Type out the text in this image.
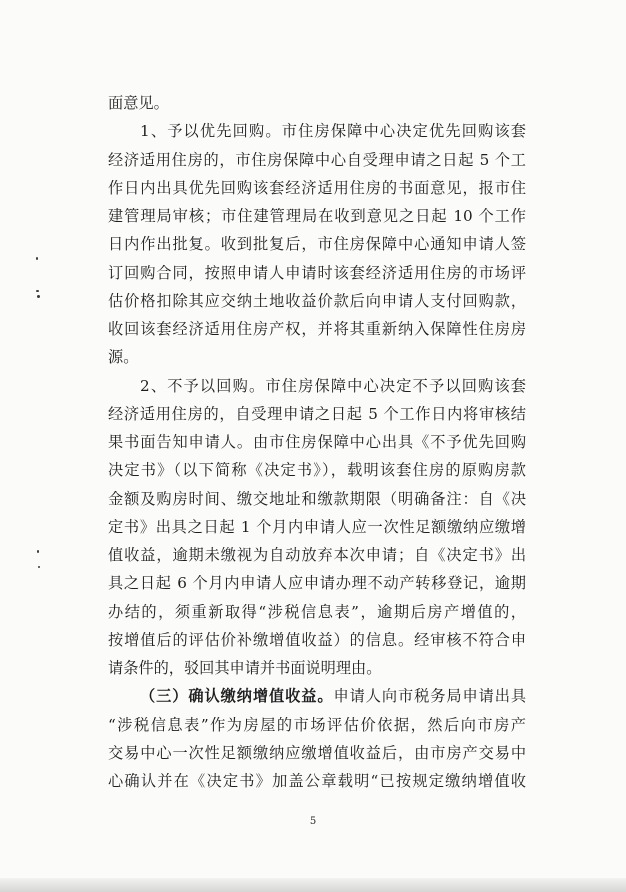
面意见。
1、予以优先回购。市住房保障中心决定优先回购该套
经济适用住房的，市住房保障中心自受理申请之日起 5 个工
作日内出具优先回购该套经济适用住房的书面意见，报市住
建管理局审核；市住建管理局在收到意见之日起 10 个工作
日内作出批复。收到批复后，市住房保障中心通知申请人签
订回购合同，按照申请人申请时该套经济适用住房的市场评
估价格扣除其应交纳土地收益价款后向申请人支付回购款，
收回该套经济适用住房产权，并将其重新纳入保障性住房房
源。
2、不予以回购。市住房保障中心决定不予以回购该套
经济适用住房的，自受理申请之日起 5 个工作日内将审核结
果书面告知申请人。由市住房保障中心出具《不予优先回购
决定书》（以下简称《决定书》），载明该套住房的原购房款
金额及购房时间、缴交地址和缴款期限（明确备注：自《决
定书》出具之日起 1 个月内申请人应一次性足额缴纳应缴增
值收益，逾期未缴视为自动放弃本次申请；自《决定书》出
具之日起 6 个月内申请人应申请办理不动产转移登记，逾期
办结的，须重新取得“涉税信息表”，逾期后房产增值的，
按增值后的评估价补缴增值收益）的信息。经审核不符合申
请条件的，驳回其申请并书面说明理由。
（三）确认缴纳增值收益。申请人向市税务局申请出具
“涉税信息表”作为房屋的市场评估价依据，然后向市房产
交易中心一次性足额缴纳应缴增值收益后，由市房产交易中
心确认并在《决定书》加盖公章载明“已按规定缴纳增值收
5
